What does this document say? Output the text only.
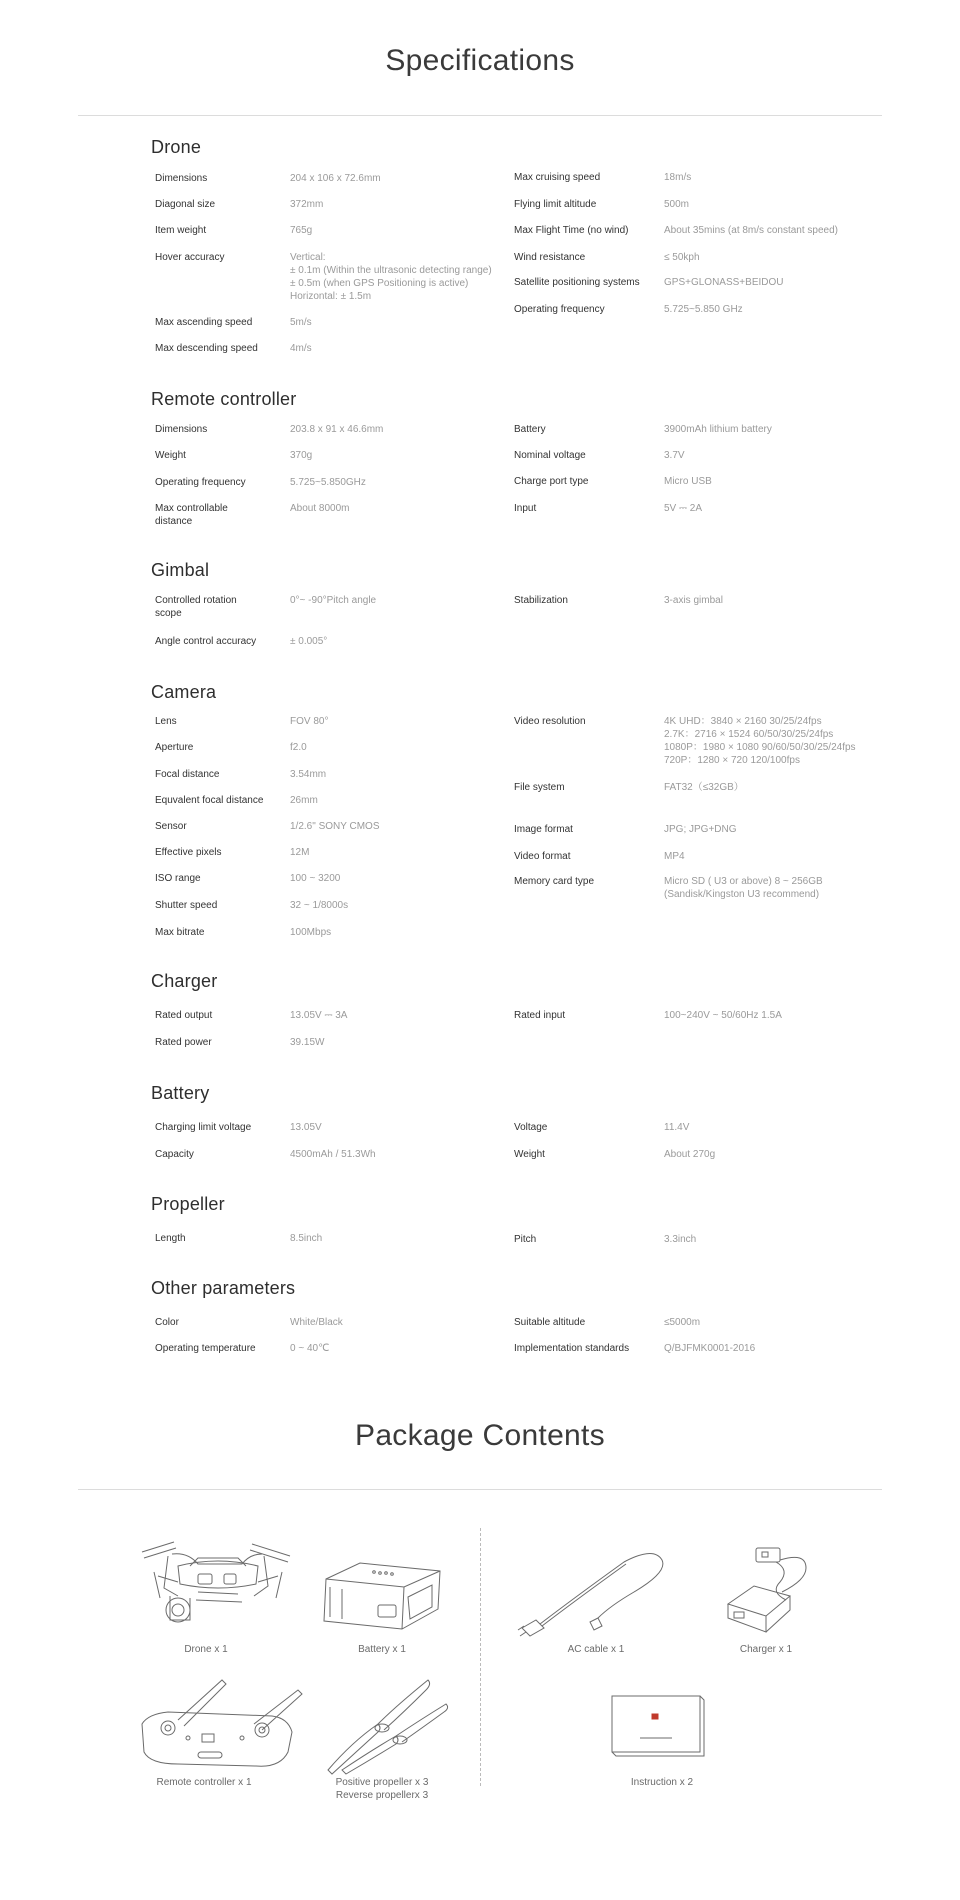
Specifications
Drone
Dimensions	204 x 106 x 72.6mm
Diagonal size	372mm
Item weight	765g
Hover accuracy	Vertical:
± 0.1m (Within the ultrasonic detecting range)
± 0.5m (when GPS Positioning is active)
Horizontal: ± 1.5m
Max ascending speed	5m/s
Max descending speed	4m/s
Max cruising speed	18m/s
Flying limit altitude	500m
Max Flight Time (no wind)	About 35mins (at 8m/s constant speed)
Wind resistance	≤ 50kph
Satellite positioning systems	GPS+GLONASS+BEIDOU
Operating frequency	5.725~5.850 GHz
Remote controller
Dimensions	203.8 x 91 x 46.6mm
Weight	370g
Operating frequency	5.725~5.850GHz
Max controllable
distance
About 8000m
Battery	3900mAh lithium battery
Nominal voltage	3.7V
Charge port type	Micro USB
Input	5V ⎓ 2A
Gimbal
Controlled rotation
scope
0°~ -90°Pitch angle
Angle control accuracy	± 0.005°
Stabilization	3-axis gimbal
Camera
Lens	FOV 80°
Aperture	f2.0
Focal distance	3.54mm
Equvalent focal distance	26mm
Sensor	1/2.6" SONY CMOS
Effective pixels	12M
ISO range	100 ~ 3200
Shutter speed	32 ~ 1/8000s
Max bitrate	100Mbps
Video resolution	4K UHD：3840 × 2160 30/25/24fps
2.7K：2716 × 1524 60/50/30/25/24fps
1080P：1980 × 1080 90/60/50/30/25/24fps
720P：1280 × 720 120/100fps
File system	FAT32（≤32GB）
Image format	JPG; JPG+DNG
Video format	MP4
Memory card type	Micro SD ( U3 or above) 8 ~ 256GB
(Sandisk/Kingston U3 recommend)
Charger
Rated output	13.05V ⎓ 3A
Rated power	39.15W
Rated input	100~240V ~ 50/60Hz 1.5A
Battery
Charging limit voltage	13.05V
Capacity	4500mAh / 51.3Wh
Voltage	11.4V
Weight	About 270g
Propeller
Length	8.5inch	Pitch	3.3inch
Other parameters
Color	White/Black
Operating temperature	0 ~ 40℃
Suitable altitude	≤5000m
Implementation standards	Q/BJFMK0001-2016
Package Contents
Drone x 1	Battery x 1	AC cable x 1	Charger x 1
Remote controller x 1	Positive propeller x 3
Reverse propellerx 3
Instruction x 2
